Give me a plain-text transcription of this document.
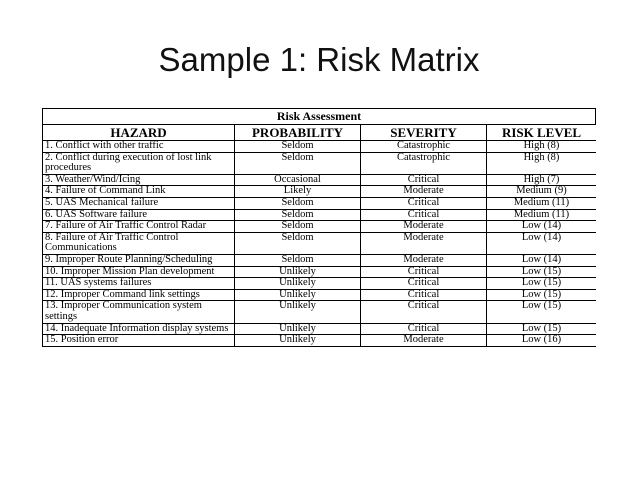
Sample 1: Risk Matrix
Risk Assessment
HAZARD	PROBABILITY	SEVERITY	RISK LEVEL
1. Conflict with other traffic	Seldom	Catastrophic	High (8)
2. Conflict during execution of lost link procedures	Seldom	Catastrophic	High (8)
3. Weather/Wind/Icing	Occasional	Critical	High (7)
4. Failure of Command Link	Likely	Moderate	Medium (9)
5. UAS Mechanical failure	Seldom	Critical	Medium (11)
6. UAS Software failure	Seldom	Critical	Medium (11)
7. Failure of Air Traffic Control Radar	Seldom	Moderate	Low (14)
8. Failure of Air Traffic Control Communications	Seldom	Moderate	Low (14)
9. Improper Route Planning/Scheduling	Seldom	Moderate	Low (14)
10. Improper Mission Plan development	Unlikely	Critical	Low (15)
11. UAS systems failures	Unlikely	Critical	Low (15)
12. Improper Command link settings	Unlikely	Critical	Low (15)
13. Improper Communication system settings	Unlikely	Critical	Low (15)
14. Inadequate Information display systems	Unlikely	Critical	Low (15)
15. Position error	Unlikely	Moderate	Low (16)
